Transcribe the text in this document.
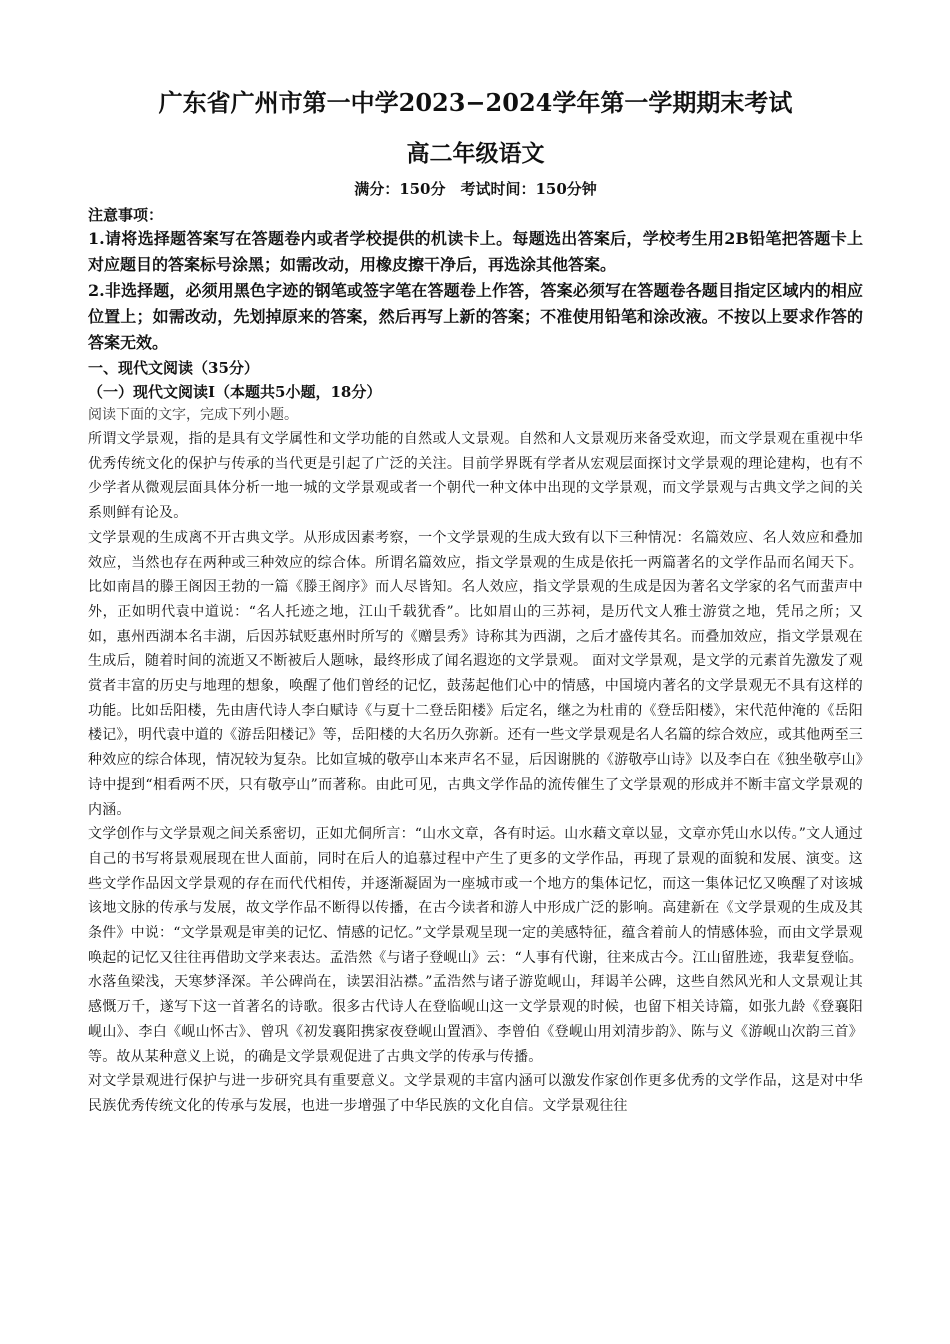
广东省广州市第一中学2023−2024学年第一学期期末考试
高二年级语文
满分：150分　考试时间：150分钟
注意事项：
1.请将选择题答案写在答题卷内或者学校提供的机读卡上。每题选出答案后，学校考生用2B铅笔把答题卡上对应题目的答案标号涂黑；如需改动，用橡皮擦干净后，再选涂其他答案。
2.非选择题，必须用黑色字迹的钢笔或签字笔在答题卷上作答，答案必须写在答题卷各题目指定区域内的相应位置上；如需改动，先划掉原来的答案，然后再写上新的答案；不准使用铅笔和涂改液。不按以上要求作答的答案无效。
一、现代文阅读（35分）
（一）现代文阅读Ⅰ（本题共5小题，18分）
阅读下面的文字，完成下列小题。
所谓文学景观，指的是具有文学属性和文学功能的自然或人文景观。自然和人文景观历来备受欢迎，而文学景观在重视中华优秀传统文化的保护与传承的当代更是引起了广泛的关注。目前学界既有学者从宏观层面探讨文学景观的理论建构，也有不少学者从微观层面具体分析一地一城的文学景观或者一个朝代一种文体中出现的文学景观，而文学景观与古典文学之间的关系则鲜有论及。
文学景观的生成离不开古典文学。从形成因素考察，一个文学景观的生成大致有以下三种情况：名篇效应、名人效应和叠加效应，当然也存在两种或三种效应的综合体。所谓名篇效应，指文学景观的生成是依托一两篇著名的文学作品而名闻天下。比如南昌的滕王阁因王勃的一篇《滕王阁序》而人尽皆知。名人效应，指文学景观的生成是因为著名文学家的名气而蜚声中外，正如明代袁中道说：“名人托迹之地，江山千载犹香”。比如眉山的三苏祠，是历代文人雅士游赏之地，凭吊之所；又如，惠州西湖本名丰湖，后因苏轼贬惠州时所写的《赠昙秀》诗称其为西湖，之后才盛传其名。而叠加效应，指文学景观在生成后，随着时间的流逝又不断被后人题咏，最终形成了闻名遐迩的文学景观。 面对文学景观，是文学的元素首先激发了观赏者丰富的历史与地理的想象，唤醒了他们曾经的记忆，鼓荡起他们心中的情感，中国境内著名的文学景观无不具有这样的功能。比如岳阳楼，先由唐代诗人李白赋诗《与夏十二登岳阳楼》后定名，继之为杜甫的《登岳阳楼》，宋代范仲淹的《岳阳楼记》，明代袁中道的《游岳阳楼记》等，岳阳楼的大名历久弥新。还有一些文学景观是名人名篇的综合效应，或其他两至三种效应的综合体现，情况较为复杂。比如宣城的敬亭山本来声名不显，后因谢朓的《游敬亭山诗》以及李白在《独坐敬亭山》诗中提到“相看两不厌，只有敬亭山”而著称。由此可见，古典文学作品的流传催生了文学景观的形成并不断丰富文学景观的内涵。
文学创作与文学景观之间关系密切，正如尤侗所言：“山水文章，各有时运。山水藉文章以显，文章亦凭山水以传。”文人通过自己的书写将景观展现在世人面前，同时在后人的追慕过程中产生了更多的文学作品，再现了景观的面貌和发展、演变。这些文学作品因文学景观的存在而代代相传，并逐渐凝固为一座城市或一个地方的集体记忆，而这一集体记忆又唤醒了对该城该地文脉的传承与发展，故文学作品不断得以传播，在古今读者和游人中形成广泛的影响。高建新在《文学景观的生成及其条件》中说：“文学景观是审美的记忆、情感的记忆。”文学景观呈现一定的美感特征，蕴含着前人的情感体验，而由文学景观唤起的记忆又往往再借助文学来表达。孟浩然《与诸子登岘山》云：“人事有代谢，往来成古今。江山留胜迹，我辈复登临。水落鱼梁浅，天寒梦泽深。羊公碑尚在，读罢泪沾襟。”孟浩然与诸子游览岘山，拜谒羊公碑，这些自然风光和人文景观让其感慨万千，遂写下这一首著名的诗歌。很多古代诗人在登临岘山这一文学景观的时候，也留下相关诗篇，如张九龄《登襄阳岘山》、李白《岘山怀古》、曾巩《初发襄阳携家夜登岘山置酒》、李曾伯《登岘山用刘清步韵》、陈与义《游岘山次韵三首》等。故从某种意义上说，的确是文学景观促进了古典文学的传承与传播。
对文学景观进行保护与进一步研究具有重要意义。文学景观的丰富内涵可以激发作家创作更多优秀的文学作品，这是对中华民族优秀传统文化的传承与发展，也进一步增强了中华民族的文化自信。文学景观往往
